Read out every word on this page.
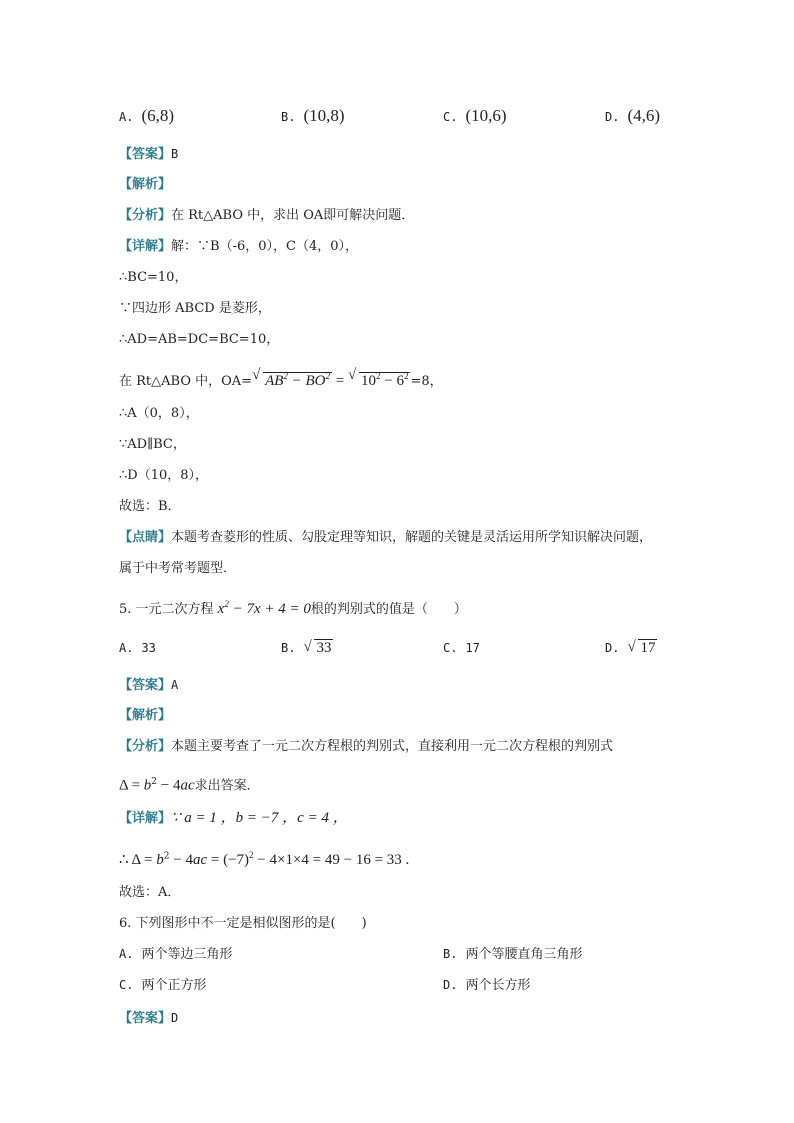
A. (6,8)	B. (10,8)	C. (10,6)	D. (4,6)
【答案】B
【解析】
【分析】在 Rt△ABO 中，求出 OA即可解决问题．
【详解】解：∵B（-6，0），C（4，0），
∴BC=10，
∵四边形 ABCD 是菱形，
∴AD=AB=DC=BC=10，
在 Rt△ABO 中，OA= √ $AB^2 - BO^2$ = √ $10^2 - 6^2 =8$，
∴A（0，8），
∵AD∥BC，
∴D（10，8），
故选：B．
【点睛】本题考查菱形的性质、勾股定理等知识，解题的关键是灵活运用所学知识解决问题，
属于中考常考题型．
5. 一元二次方程 $x^2 - 7x + 4 = 0$根的判别式的值是（　　）
A. 33	B. √ 33	C. 17	D. √ 17
【答案】A
【解析】
【分析】本题主要考查了一元二次方程根的判别式，直接利用一元二次方程根的判别式
$\Delta = b^2 - 4ac$求出答案．
【详解】∵ a = 1 ，b = −7 ，c = 4 ，
∴ $\Delta = b^2 - 4ac = (-7)^2 - 4\times 1\times 4 = 49 - 16 = 33$ .
故选：A．
6. 下列图形中不一定是相似图形的是(　　)
A. 两个等边三角形	B. 两个等腰直角三角形
C. 两个正方形	D. 两个长方形
【答案】D
